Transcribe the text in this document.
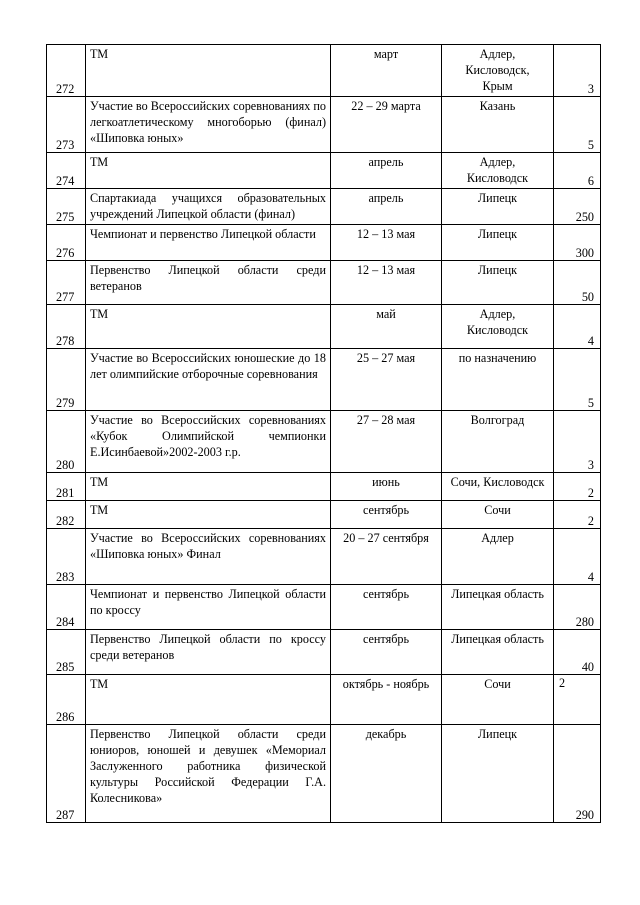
272	ТМ	март	Адлер,
Кисловодск,
Крым	3

273	Участие во Всероссийских соревнованиях по легкоатлетическому многоборью (финал) «Шиповка юных»	22 – 29 марта	Казань	5

274	ТМ	апрель	Адлер,
Кисловодск	6

275	Спартакиада учащихся образовательных учреждений Липецкой области (финал)	апрель	Липецк	250

276	Чемпионат и первенство Липецкой области	12 – 13 мая	Липецк	300

277	Первенство Липецкой области среди ветеранов	12 – 13 мая	Липецк	50

278	ТМ	май	Адлер,
Кисловодск	4

279	Участие во Всероссийских юношеские до 18 лет олимпийские отборочные соревнования	25 – 27 мая	по назначению	5

280	Участие во Всероссийских соревнованиях «Кубок Олимпийской чемпионки Е.Исинбаевой»2002-2003 г.р.	27 – 28 мая	Волгоград	3

281	ТМ	июнь	Сочи, Кисловодск	2

282	ТМ	сентябрь	Сочи	2

283	Участие во Всероссийских соревнованиях «Шиповка юных» Финал	20 – 27 сентября	Адлер	4

284	Чемпионат и первенство Липецкой области по кроссу	сентябрь	Липецкая область	280

285	Первенство Липецкой области по кроссу среди ветеранов	сентябрь	Липецкая область	40

286	ТМ	октябрь - ноябрь	Сочи	2

287	Первенство Липецкой области среди юниоров, юношей и девушек «Мемориал Заслуженного работника физической культуры Российской Федерации Г.А. Колесникова»	декабрь	Липецк	290
